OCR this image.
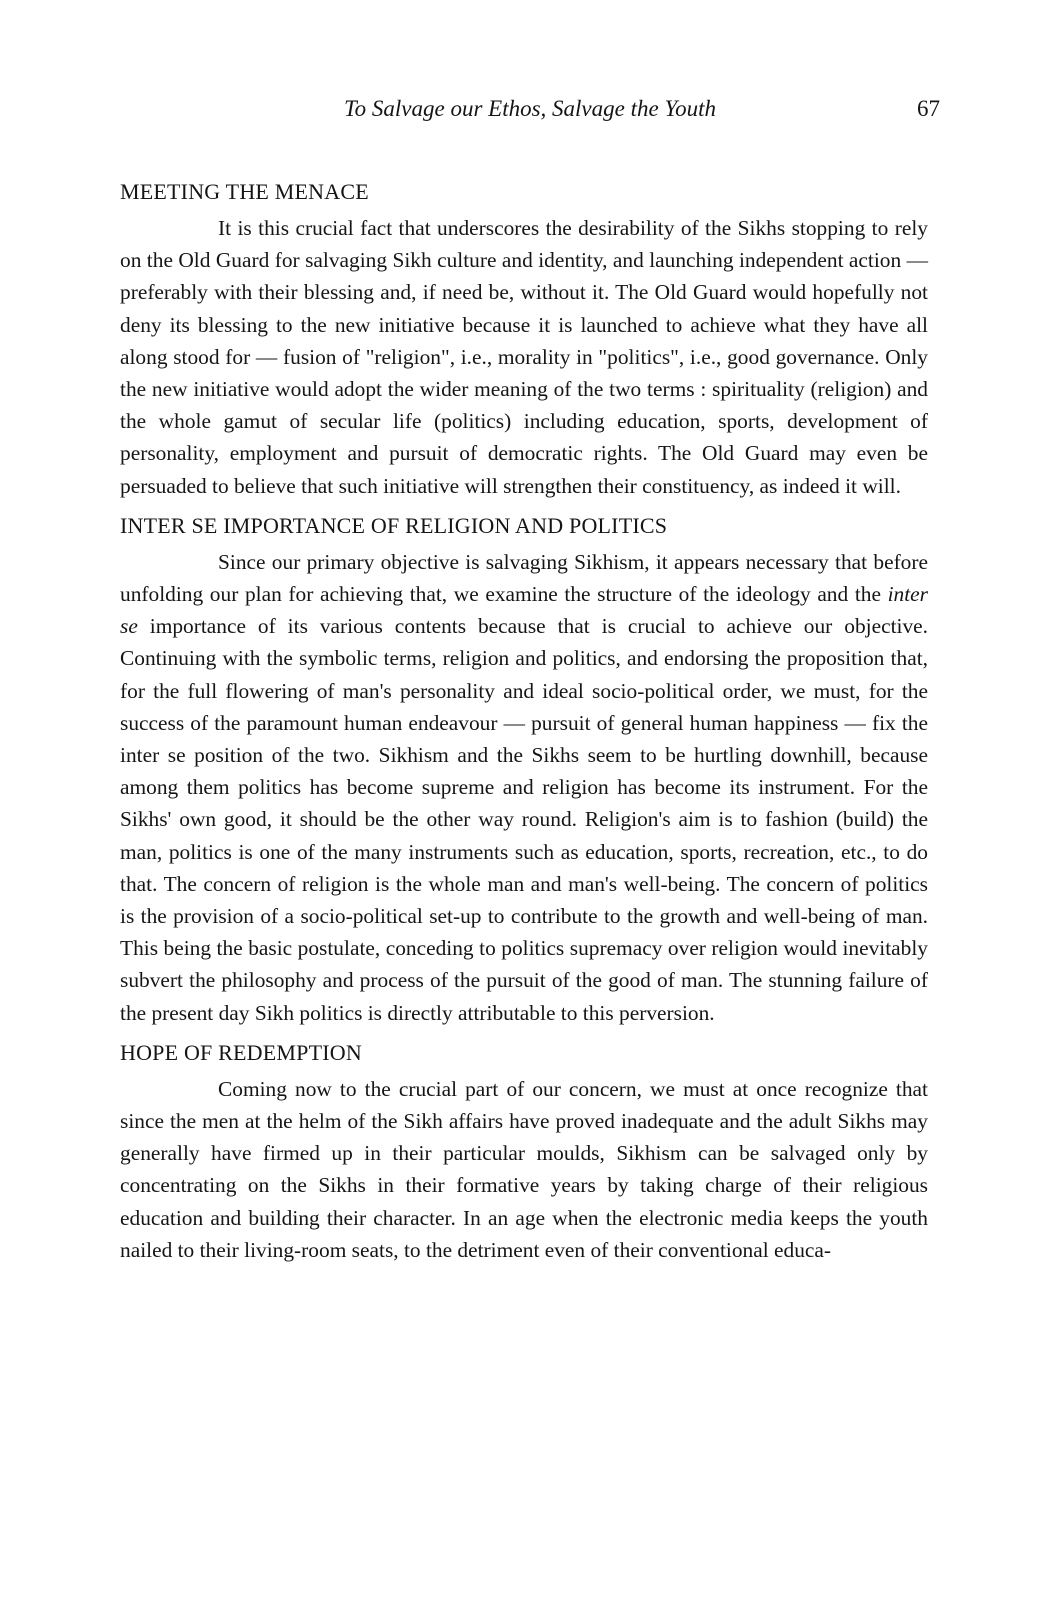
To Salvage our Ethos, Salvage the Youth	67
MEETING THE MENACE

It is this crucial fact that underscores the desirability of the Sikhs stopping to rely on the Old Guard for salvaging Sikh culture and identity, and launching independent action — preferably with their blessing and, if need be, without it. The Old Guard would hopefully not deny its blessing to the new initiative because it is launched to achieve what they have all along stood for — fusion of "religion", i.e., morality in "politics", i.e., good governance. Only the new initiative would adopt the wider meaning of the two terms : spirituality (religion) and the whole gamut of secular life (politics) including education, sports, development of personality, employment and pursuit of democratic rights. The Old Guard may even be persuaded to believe that such initiative will strengthen their constituency, as indeed it will.

INTER SE IMPORTANCE OF RELIGION AND POLITICS

Since our primary objective is salvaging Sikhism, it appears necessary that before unfolding our plan for achieving that, we examine the structure of the ideology and the inter se importance of its various contents because that is crucial to achieve our objective. Continuing with the symbolic terms, religion and politics, and endorsing the proposition that, for the full flowering of man's personality and ideal socio-political order, we must, for the success of the paramount human endeavour — pursuit of general human happiness — fix the inter se position of the two. Sikhism and the Sikhs seem to be hurtling downhill, because among them politics has become supreme and religion has become its instrument. For the Sikhs' own good, it should be the other way round. Religion's aim is to fashion (build) the man, politics is one of the many instruments such as education, sports, recreation, etc., to do that. The concern of religion is the whole man and man's well-being. The concern of politics is the provision of a socio-political set-up to contribute to the growth and well-being of man. This being the basic postulate, conceding to politics supremacy over religion would inevitably subvert the philosophy and process of the pursuit of the good of man. The stunning failure of the present day Sikh politics is directly attributable to this perversion.

HOPE OF REDEMPTION

Coming now to the crucial part of our concern, we must at once recognize that since the men at the helm of the Sikh affairs have proved inadequate and the adult Sikhs may generally have firmed up in their particular moulds, Sikhism can be salvaged only by concentrating on the Sikhs in their formative years by taking charge of their religious education and building their character. In an age when the electronic media keeps the youth nailed to their living-room seats, to the detriment even of their conventional educa-
